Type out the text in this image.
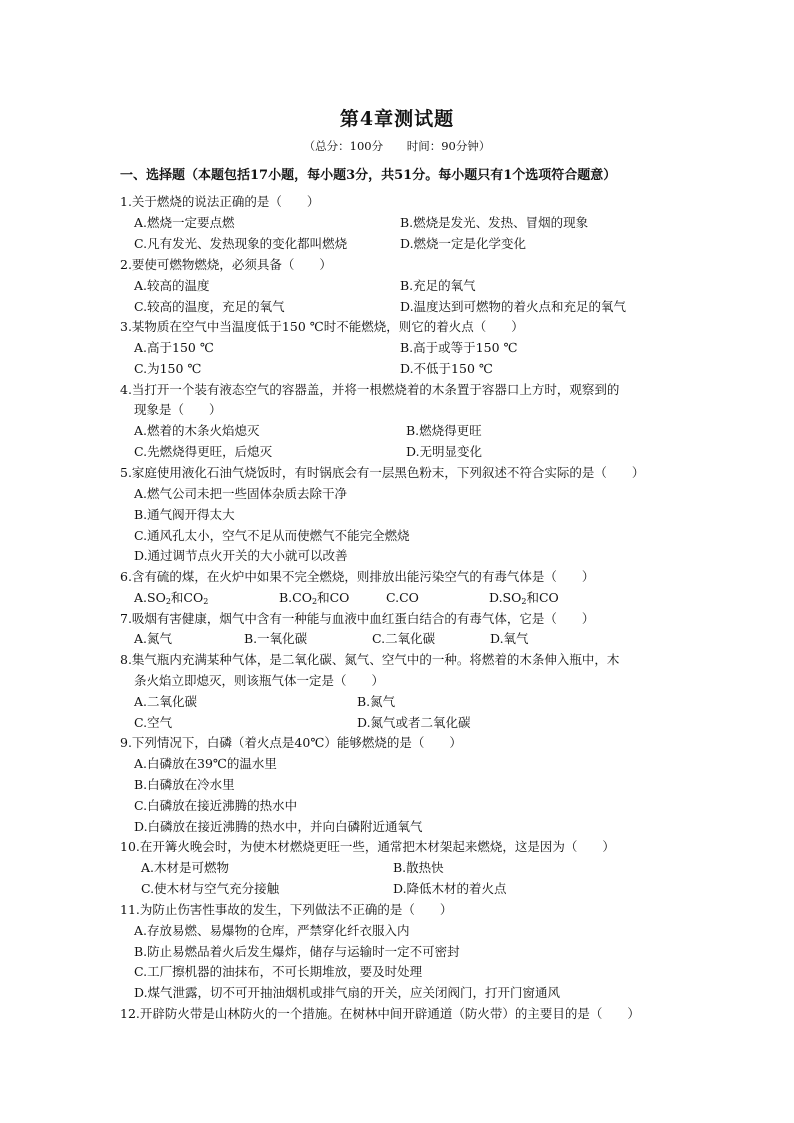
第4章测试题
（总分：100分 时间：90分钟）
一、选择题（本题包括17小题，每小题3分，共51分。每小题只有1个选项符合题意）
1.关于燃烧的说法正确的是（　　）
A.燃烧一定要点燃	B.燃烧是发光、发热、冒烟的现象
C.凡有发光、发热现象的变化都叫燃烧	D.燃烧一定是化学变化
2.要使可燃物燃烧，必须具备（　　）
A.较高的温度	B.充足的氧气
C.较高的温度，充足的氧气	D.温度达到可燃物的着火点和充足的氧气
3.某物质在空气中当温度低于150 ℃时不能燃烧，则它的着火点（　　）
A.高于150 ℃	B.高于或等于150 ℃
C.为150 ℃	D.不低于150 ℃
4.当打开一个装有液态空气的容器盖，并将一根燃烧着的木条置于容器口上方时，观察到的
现象是（　　）
A.燃着的木条火焰熄灭	B.燃烧得更旺
C.先燃烧得更旺，后熄灭	D.无明显变化
5.家庭使用液化石油气烧饭时，有时锅底会有一层黑色粉末，下列叙述不符合实际的是（　　）
A.燃气公司未把一些固体杂质去除干净
B.通气阀开得太大
C.通风孔太小，空气不足从而使燃气不能完全燃烧
D.通过调节点火开关的大小就可以改善
6.含有硫的煤，在火炉中如果不完全燃烧，则排放出能污染空气的有毒气体是（　　）
$A.SO_2$和$CO_2$	$B.CO_2$和CO	C.CO	$D.SO_2$和CO
7.吸烟有害健康，烟气中含有一种能与血液中血红蛋白结合的有毒气体，它是（　　）
A.氮气	B.一氧化碳	C.二氧化碳	D.氧气
8.集气瓶内充满某种气体，是二氧化碳、氮气、空气中的一种。将燃着的木条伸入瓶中，木
条火焰立即熄灭，则该瓶气体一定是（　　）
A.二氧化碳	B.氮气
C.空气	D.氮气或者二氧化碳
9.下列情况下，白磷（着火点是40℃）能够燃烧的是（　　）
A.白磷放在39℃的温水里
B.白磷放在冷水里
C.白磷放在接近沸腾的热水中
D.白磷放在接近沸腾的热水中，并向白磷附近通氧气
10.在开篝火晚会时，为使木材燃烧更旺一些，通常把木材架起来燃烧，这是因为（　　）
A.木材是可燃物	B.散热快
C.使木材与空气充分接触	D.降低木材的着火点
11.为防止伤害性事故的发生，下列做法不正确的是（　　）
A.存放易燃、易爆物的仓库，严禁穿化纤衣服入内
B.防止易燃品着火后发生爆炸，储存与运输时一定不可密封
C.工厂擦机器的油抹布，不可长期堆放，要及时处理
D.煤气泄露，切不可开抽油烟机或排气扇的开关，应关闭阀门，打开门窗通风
12.开辟防火带是山林防火的一个措施。在树林中间开辟通道（防火带）的主要目的是（　　）
